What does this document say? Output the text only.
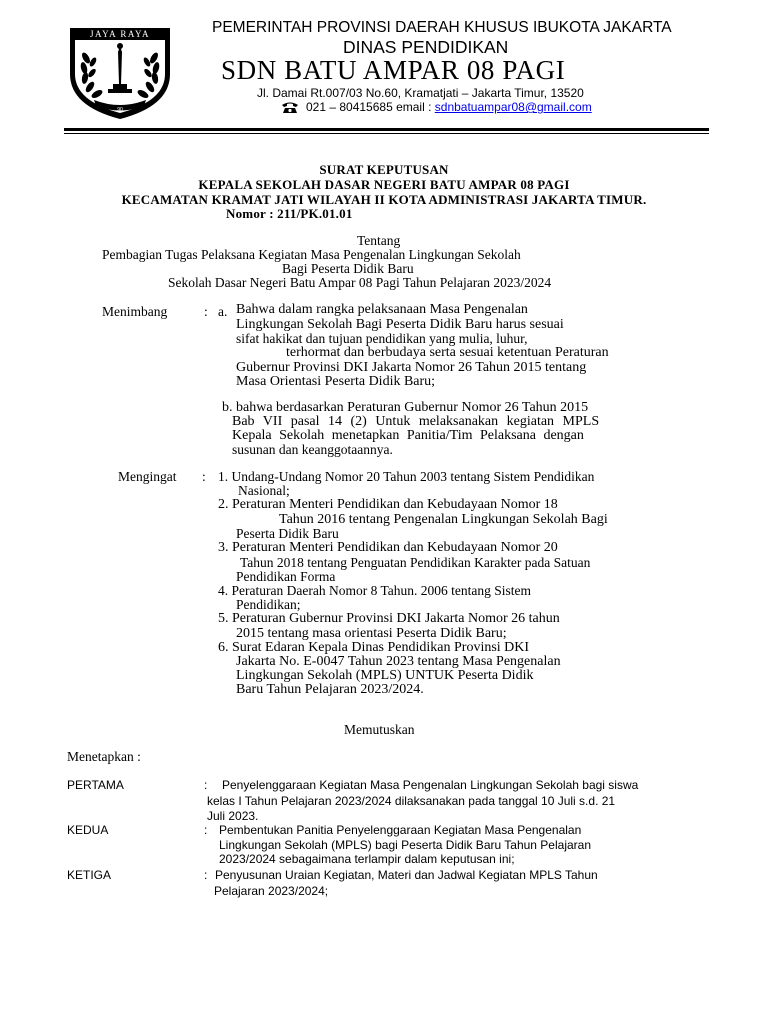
JAYA RAYA
90
PEMERINTAH PROVINSI DAERAH KHUSUS IBUKOTA JAKARTA
DINAS PENDIDIKAN
SDN BATU AMPAR 08 PAGI
Jl. Damai Rt.007/03 No.60, Kramatjati – Jakarta Timur, 13520
021 – 80415685 email : sdnbatuampar08@gmail.com
SURAT KEPUTUSAN
KEPALA SEKOLAH DASAR NEGERI BATU AMPAR 08 PAGI
KECAMATAN KRAMAT JATI WILAYAH II KOTA ADMINISTRASI JAKARTA TIMUR.
Nomor : 211/PK.01.01
Tentang
Pembagian Tugas Pelaksana Kegiatan Masa Pengenalan Lingkungan Sekolah
Bagi Peserta Didik Baru
Sekolah Dasar Negeri Batu Ampar 08 Pagi Tahun Pelajaran 2023/2024
Menimbang	: a. Bahwa dalam rangka pelaksanaan Masa Pengenalan
Lingkungan Sekolah Bagi Peserta Didik Baru harus sesuai
sifat hakikat dan tujuan pendidikan yang mulia, luhur,
terhormat dan berbudaya serta sesuai ketentuan Peraturan
Gubernur Provinsi DKI Jakarta Nomor 26 Tahun 2015 tentang
Masa Orientasi Peserta Didik Baru;
b. bahwa berdasarkan Peraturan Gubernur Nomor 26 Tahun 2015
Bab VII pasal 14 (2) Untuk melaksanakan kegiatan MPLS
Kepala Sekolah menetapkan Panitia/Tim Pelaksana dengan
susunan dan keanggotaannya.
Mengingat : 1. Undang-Undang Nomor 20 Tahun 2003 tentang Sistem Pendidikan
Nasional;
2. Peraturan Menteri Pendidikan dan Kebudayaan Nomor 18
Tahun 2016 tentang Pengenalan Lingkungan Sekolah Bagi
Peserta Didik Baru
3. Peraturan Menteri Pendidikan dan Kebudayaan Nomor 20
Tahun 2018 tentang Penguatan Pendidikan Karakter pada Satuan
Pendidikan Forma
4. Peraturan Daerah Nomor 8 Tahun. 2006 tentang Sistem
Pendidikan;
5. Peraturan Gubernur Provinsi DKI Jakarta Nomor 26 tahun
2015 tentang masa orientasi Peserta Didik Baru;
6. Surat Edaran Kepala Dinas Pendidikan Provinsi DKI
Jakarta No. E-0047 Tahun 2023 tentang Masa Pengenalan
Lingkungan Sekolah (MPLS) UNTUK Peserta Didik
Baru Tahun Pelajaran 2023/2024.
Memutuskan
Menetapkan :
PERTAMA	: Penyelenggaraan Kegiatan Masa Pengenalan Lingkungan Sekolah bagi siswa
kelas I Tahun Pelajaran 2023/2024 dilaksanakan pada tanggal 10 Juli s.d. 21
Juli 2023.
KEDUA	: Pembentukan Panitia Penyelenggaraan Kegiatan Masa Pengenalan
Lingkungan Sekolah (MPLS) bagi Peserta Didik Baru Tahun Pelajaran
2023/2024 sebagaimana terlampir dalam keputusan ini;
KETIGA	: Penyusunan Uraian Kegiatan, Materi dan Jadwal Kegiatan MPLS Tahun
Pelajaran 2023/2024;
